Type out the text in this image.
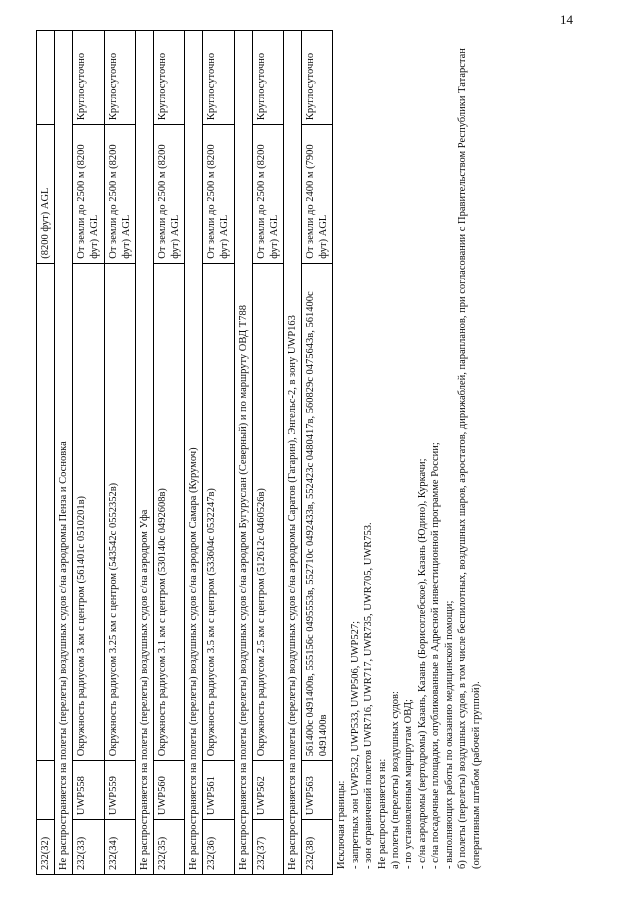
14
232(32)			(8200 фут) AGL	
Не распространяется на полеты (перелеты) воздушных судов с/на аэродромы Пенза и Сосновка				
232(33)	UWP558	Окружность радиусом 3 км с центром (561401с 0510201в)	От земли до 2500 м (8200 фут) AGL	Круглосуточно
232(34)	UWP559	Окружность радиусом 3.25 км с центром (543542с 0552352в)	От земли до 2500 м (8200 фут) AGL	Круглосуточно
Не распространяется на полеты (перелеты) воздушных судов с/на аэродром Уфа				
232(35)	UWP560	Окружность радиусом 3.1 км с центром (530140с 0492608в)	От земли до 2500 м (8200 фут) AGL	Круглосуточно
Не распространяется на полеты (перелеты) воздушных судов с/на аэродром Самара (Курумоч)				
232(36)	UWP561	Окружность радиусом 3.5 км с центром (533604с 0532247в)	От земли до 2500 м (8200 фут) AGL	Круглосуточно
Не распространяется на полеты (перелеты) воздушных судов с/на аэродром Бугуруслан (Северный) и по маршруту ОВД Т788				
232(37)	UWP562	Окружность радиусом 2.5 км с центром (512612с 0460526в)	От земли до 2500 м (8200 фут) AGL	Круглосуточно
Не распространяется на полеты (перелеты) воздушных судов с/на аэродромы Саратов (Гагарин), Энгельс-2, в зону UWP163				
232(38)	UWP563	561400с 0491400в, 555156с 0495553в, 552710с 0492433в, 552423с 0480417в, 560829с 0475643в, 561400с 0491400в	От земли до 2400 м (7900 фут) AGL	Круглосуточно

Исключая границы: - запретных зон UWP532, UWP533, UWP506, UWP527; - зон ограничений полетов UWR716, UWR717, UWR735, UWR705, UWR753. Не распространяется на: а) полеты (перелеты) воздушных судов: - по установленным маршрутам ОВД; - с/на аэродромы (вертодромы) Казань, Казань (Борисоглебское), Казань (Юдино), Куркачи; - с/на посадочные площадки, опубликованные в Адресной инвестиционной программе России; - выполняющих работы по оказанию медицинской помощи; б) полеты (перелеты) воздушных судов, в том числе беспилотных, воздушных шаров, аэростатов, дирижаблей, парапланов, при согласовании с Правительством Республики Татарстан (оперативным штабом (рабочей группой).
